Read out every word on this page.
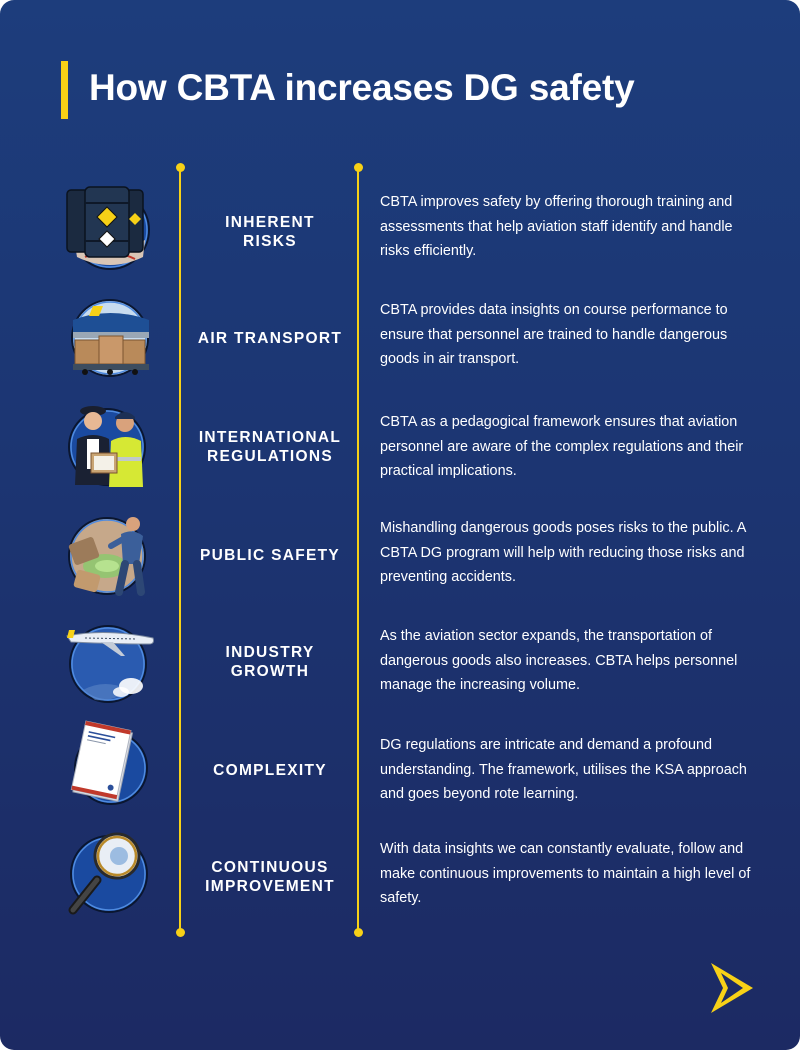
How CBTA increases DG safety
INHERENT
RISKS

CBTA improves safety by offering thorough training and assessments that help aviation staff identify and handle risks efficiently.

AIR TRANSPORT

CBTA provides data insights on course performance to ensure that personnel are trained to handle dangerous goods in air transport.

INTERNATIONAL
REGULATIONS

CBTA as a pedagogical framework ensures that aviation personnel are aware of the complex regulations and their practical implications.

PUBLIC SAFETY

Mishandling dangerous goods poses risks to the public. A CBTA DG program will help with reducing those risks and preventing accidents.

INDUSTRY
GROWTH

As the aviation sector expands, the transportation of dangerous goods also increases. CBTA helps personnel manage the increasing volume.

COMPLEXITY

DG regulations are intricate and demand a profound understanding. The framework, utilises the KSA approach and goes beyond rote learning.

CONTINUOUS
IMPROVEMENT

With data insights we can constantly evaluate, follow and make continuous improvements to maintain a high level of safety.
